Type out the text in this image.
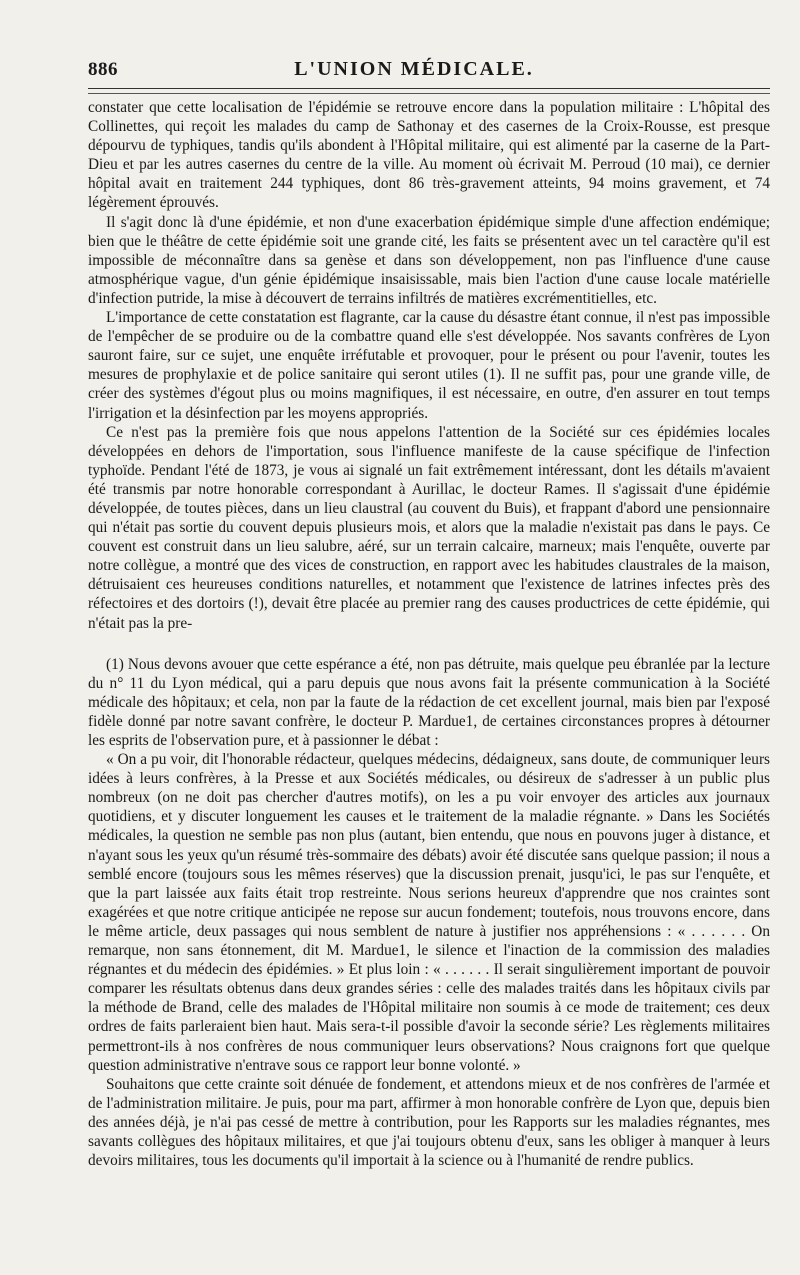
886	L'UNION MÉDICALE.

constater que cette localisation de l'épidémie se retrouve encore dans la population militaire : L'hôpital des Collinettes, qui reçoit les malades du camp de Sathonay et des casernes de la Croix-Rousse, est presque dépourvu de typhiques, tandis qu'ils abondent à l'Hôpital militaire, qui est alimenté par la caserne de la Part-Dieu et par les autres casernes du centre de la ville. Au moment où écrivait M. Perroud (10 mai), ce dernier hôpital avait en traitement 244 typhiques, dont 86 très-gravement atteints, 94 moins gravement, et 74 légèrement éprouvés.

Il s'agit donc là d'une épidémie, et non d'une exacerbation épidémique simple d'une affection endémique; bien que le théâtre de cette épidémie soit une grande cité, les faits se présentent avec un tel caractère qu'il est impossible de méconnaître dans sa genèse et dans son développement, non pas l'influence d'une cause atmosphérique vague, d'un génie épidémique insaisissable, mais bien l'action d'une cause locale matérielle d'infection putride, la mise à découvert de terrains infiltrés de matières excrémentitielles, etc.

L'importance de cette constatation est flagrante, car la cause du désastre étant connue, il n'est pas impossible de l'empêcher de se produire ou de la combattre quand elle s'est développée. Nos savants confrères de Lyon sauront faire, sur ce sujet, une enquête irréfutable et provoquer, pour le présent ou pour l'avenir, toutes les mesures de prophylaxie et de police sanitaire qui seront utiles (1). Il ne suffit pas, pour une grande ville, de créer des systèmes d'égout plus ou moins magnifiques, il est nécessaire, en outre, d'en assurer en tout temps l'irrigation et la désinfection par les moyens appropriés.

Ce n'est pas la première fois que nous appelons l'attention de la Société sur ces épidémies locales développées en dehors de l'importation, sous l'influence manifeste de la cause spécifique de l'infection typhoïde. Pendant l'été de 1873, je vous ai signalé un fait extrêmement intéressant, dont les détails m'avaient été transmis par notre honorable correspondant à Aurillac, le docteur Rames. Il s'agissait d'une épidémie développée, de toutes pièces, dans un lieu claustral (au couvent du Buis), et frappant d'abord une pensionnaire qui n'était pas sortie du couvent depuis plusieurs mois, et alors que la maladie n'existait pas dans le pays. Ce couvent est construit dans un lieu salubre, aéré, sur un terrain calcaire, marneux; mais l'enquête, ouverte par notre collègue, a montré que des vices de construction, en rapport avec les habitudes claustrales de la maison, détruisaient ces heureuses conditions naturelles, et notamment que l'existence de latrines infectes près des réfectoires et des dortoirs (!), devait être placée au premier rang des causes productrices de cette épidémie, qui n'était pas la pre-

(1) Nous devons avouer que cette espérance a été, non pas détruite, mais quelque peu ébranlée par la lecture du n° 11 du Lyon médical, qui a paru depuis que nous avons fait la présente communication à la Société médicale des hôpitaux; et cela, non par la faute de la rédaction de cet excellent journal, mais bien par l'exposé fidèle donné par notre savant confrère, le docteur P. Mardue1, de certaines circonstances propres à détourner les esprits de l'observation pure, et à passionner le débat :

« On a pu voir, dit l'honorable rédacteur, quelques médecins, dédaigneux, sans doute, de communiquer leurs idées à leurs confrères, à la Presse et aux Sociétés médicales, ou désireux de s'adresser à un public plus nombreux (on ne doit pas chercher d'autres motifs), on les a pu voir envoyer des articles aux journaux quotidiens, et y discuter longuement les causes et le traitement de la maladie régnante. » Dans les Sociétés médicales, la question ne semble pas non plus (autant, bien entendu, que nous en pouvons juger à distance, et n'ayant sous les yeux qu'un résumé très-sommaire des débats) avoir été discutée sans quelque passion; il nous a semblé encore (toujours sous les mêmes réserves) que la discussion prenait, jusqu'ici, le pas sur l'enquête, et que la part laissée aux faits était trop restreinte. Nous serions heureux d'apprendre que nos craintes sont exagérées et que notre critique anticipée ne repose sur aucun fondement; toutefois, nous trouvons encore, dans le même article, deux passages qui nous semblent de nature à justifier nos appréhensions : « . . . . . . On remarque, non sans étonnement, dit M. Mardue1, le silence et l'inaction de la commission des maladies régnantes et du médecin des épidémies. » Et plus loin : « . . . . . . Il serait singulièrement important de pouvoir comparer les résultats obtenus dans deux grandes séries : celle des malades traités dans les hôpitaux civils par la méthode de Brand, celle des malades de l'Hôpital militaire non soumis à ce mode de traitement; ces deux ordres de faits parleraient bien haut. Mais sera-t-il possible d'avoir la seconde série? Les règlements militaires permettront-ils à nos confrères de nous communiquer leurs observations? Nous craignons fort que quelque question administrative n'entrave sous ce rapport leur bonne volonté. »

Souhaitons que cette crainte soit dénuée de fondement, et attendons mieux et de nos confrères de l'armée et de l'administration militaire. Je puis, pour ma part, affirmer à mon honorable confrère de Lyon que, depuis bien des années déjà, je n'ai pas cessé de mettre à contribution, pour les Rapports sur les maladies régnantes, mes savants collègues des hôpitaux militaires, et que j'ai toujours obtenu d'eux, sans les obliger à manquer à leurs devoirs militaires, tous les documents qu'il importait à la science ou à l'humanité de rendre publics.
